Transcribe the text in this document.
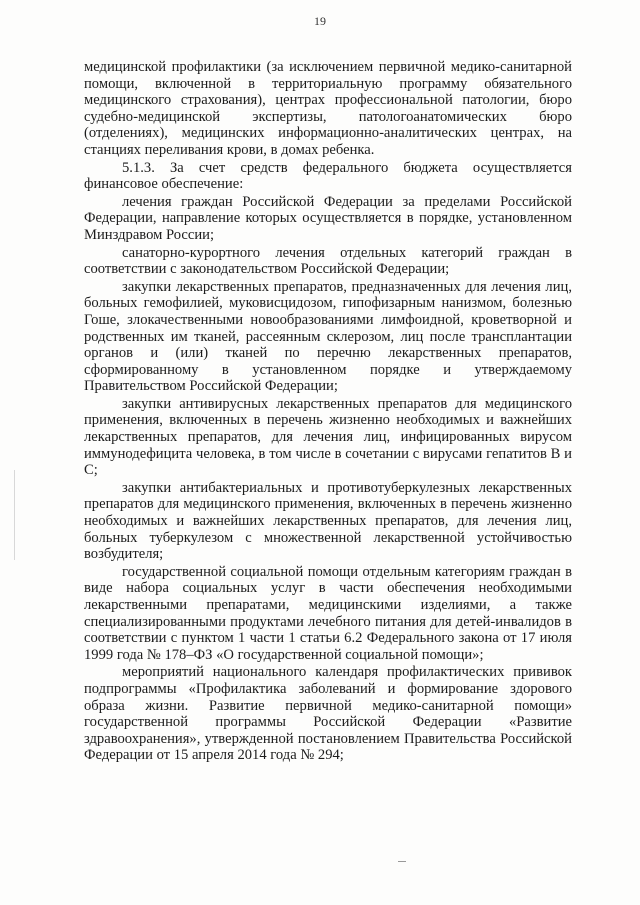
19

медицинской профилактики (за исключением первичной медико-санитарной помощи, включенной в территориальную программу обязательного медицинского страхования), центрах профессиональной патологии, бюро судебно-медицинской экспертизы, патологоанатомических бюро (отделениях), медицинских информационно-аналитических центрах, на станциях переливания крови, в домах ребенка.

5.1.3. За счет средств федерального бюджета осуществляется финансовое обеспечение:

лечения граждан Российской Федерации за пределами Российской Федерации, направление которых осуществляется в порядке, установленном Минздравом России;

санаторно-курортного лечения отдельных категорий граждан в соответствии с законодательством Российской Федерации;

закупки лекарственных препаратов, предназначенных для лечения лиц, больных гемофилией, муковисцидозом, гипофизарным нанизмом, болезнью Гоше, злокачественными новообразованиями лимфоидной, кроветворной и родственных им тканей, рассеянным склерозом, лиц после трансплантации органов и (или) тканей по перечню лекарственных препаратов, сформированному в установленном порядке и утверждаемому Правительством Российской Федерации;

закупки антивирусных лекарственных препаратов для медицинского применения, включенных в перечень жизненно необходимых и важнейших лекарственных препаратов, для лечения лиц, инфицированных вирусом иммунодефицита человека, в том числе в сочетании с вирусами гепатитов В и С;

закупки антибактериальных и противотуберкулезных лекарственных препаратов для медицинского применения, включенных в перечень жизненно необходимых и важнейших лекарственных препаратов, для лечения лиц, больных туберкулезом с множественной лекарственной устойчивостью возбудителя;

государственной социальной помощи отдельным категориям граждан в виде набора социальных услуг в части обеспечения необходимыми лекарственными препаратами, медицинскими изделиями, а также специализированными продуктами лечебного питания для детей-инвалидов в соответствии с пунктом 1 части 1 статьи 6.2 Федерального закона от 17 июля 1999 года № 178–ФЗ «О государственной социальной помощи»;

мероприятий национального календаря профилактических прививок подпрограммы «Профилактика заболеваний и формирование здорового образа жизни. Развитие первичной медико-санитарной помощи» государственной программы Российской Федерации «Развитие здравоохранения», утвержденной постановлением Правительства Российской Федерации от 15 апреля 2014 года № 294;
